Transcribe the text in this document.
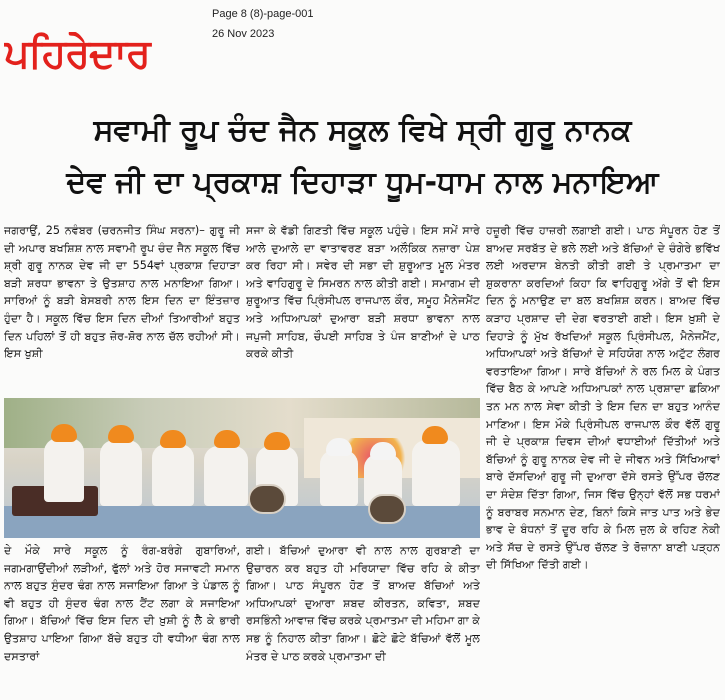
ਪਹਿਰੇਦਾਰ
Page 8 (8)-page-001
26 Nov 2023
ਸਵਾਮੀ ਰੂਪ ਚੰਦ ਜੈਨ ਸਕੂਲ ਵਿਖੇ ਸ੍ਰੀ ਗੁਰੂ ਨਾਨਕ
ਦੇਵ ਜੀ ਦਾ ਪ੍ਰਕਾਸ਼ ਦਿਹਾੜਾ ਧੂਮ-ਧਾਮ ਨਾਲ ਮਨਾਇਆ
ਜਗਰਾਉਂ, 25 ਨਵੰਬਰ (ਚਰਨਜੀਤ ਸਿੰਘ ਸਰਨਾ)– ਗੁਰੂ ਜੀ ਦੀ ਅਪਾਰ ਬਖਸ਼ਿਸ਼ ਨਾਲ ਸਵਾਮੀ ਰੂਪ ਚੰਦ ਜੈਨ ਸਕੂਲ ਵਿੱਚ ਸ਼੍ਰੀ ਗੁਰੂ ਨਾਨਕ ਦੇਵ ਜੀ ਦਾ 554ਵਾਂ ਪ੍ਰਕਾਸ਼ ਦਿਹਾੜਾ ਬੜੀ ਸ਼ਰਧਾ ਭਾਵਨਾ ਤੇ ਉਤਸ਼ਾਹ ਨਾਲ ਮਨਾਇਆ ਗਿਆ। ਸਾਰਿਆਂ ਨੂੰ ਬੜੀ ਬੇਸਬਰੀ ਨਾਲ ਇਸ ਦਿਨ ਦਾ ਇੰਤਜ਼ਾਰ ਹੁੰਦਾ ਹੈ। ਸਕੂਲ ਵਿੱਚ ਇਸ ਦਿਨ ਦੀਆਂ ਤਿਆਰੀਆਂ ਬਹੁਤ ਦਿਨ ਪਹਿਲਾਂ ਤੋਂ ਹੀ ਬਹੁਤ ਜ਼ੋਰ-ਸ਼ੋਰ ਨਾਲ ਚੱਲ ਰਹੀਆਂ ਸੀ। ਇਸ ਖੁਸ਼ੀ
ਸਜਾ ਕੇ ਵੱਡੀ ਗਿਣਤੀ ਵਿੱਚ ਸਕੂਲ ਪਹੁੰਚੇ। ਇਸ ਸਮੇਂ ਸਾਰੇ ਆਲੇ ਦੁਆਲੇ ਦਾ ਵਾਤਾਵਰਣ ਬੜਾ ਅਲੌਕਿਕ ਨਜ਼ਾਰਾ ਪੇਸ਼ ਕਰ ਰਿਹਾ ਸੀ। ਸਵੇਰ ਦੀ ਸਭਾ ਦੀ ਸ਼ੁਰੂਆਤ ਮੂਲ ਮੰਤਰ ਅਤੇ ਵਾਹਿਗੁਰੂ ਦੇ ਸਿਮਰਨ ਨਾਲ ਕੀਤੀ ਗਈ। ਸਮਾਗਮ ਦੀ ਸ਼ੁਰੂਆਤ ਵਿੱਚ ਪ੍ਰਿੰਸੀਪਲ ਰਾਜਪਾਲ ਕੌਰ, ਸਮੂਹ ਮੈਨੇਜਮੈਂਟ ਅਤੇ ਅਧਿਆਪਕਾਂ ਦੁਆਰਾ ਬੜੀ ਸ਼ਰਧਾ ਭਾਵਨਾ ਨਾਲ ਜਪੁਜੀ ਸਾਹਿਬ, ਚੌਪਈ ਸਾਹਿਬ ਤੇ ਪੰਜ ਬਾਣੀਆਂ ਦੇ ਪਾਠ ਕਰਕੇ ਕੀਤੀ
ਹਜ਼ੂਰੀ ਵਿੱਚ ਹਾਜ਼ਰੀ ਲਗਾਈ ਗਈ। ਪਾਠ ਸੰਪੂਰਨ ਹੋਣ ਤੋਂ ਬਾਅਦ ਸਰਬੱਤ ਦੇ ਭਲੇ ਲਈ ਅਤੇ ਬੱਚਿਆਂ ਦੇ ਚੰਗੇਰੇ ਭਵਿੱਖ ਲਈ ਅਰਦਾਸ ਬੇਨਤੀ ਕੀਤੀ ਗਈ ਤੇ ਪ੍ਰਮਾਤਮਾ ਦਾ ਸ਼ੁਕਰਾਨਾ ਕਰਦਿਆਂ ਕਿਹਾ ਕਿ ਵਾਹਿਗੁਰੂ ਅੱਗੇ ਤੋਂ ਵੀ ਇਸ ਦਿਨ ਨੂੰ ਮਨਾਉਣ ਦਾ ਬਲ ਬਖਸ਼ਿਸ਼ ਕਰਨ। ਬਾਅਦ ਵਿੱਚ ਕੜਾਹ ਪ੍ਰਸ਼ਾਦ ਦੀ ਦੇਗ ਵਰਤਾਈ ਗਈ। ਇਸ ਖ਼ੁਸ਼ੀ ਦੇ ਦਿਹਾੜੇ ਨੂੰ ਮੁੱਖ ਰੱਖਦਿਆਂ ਸਕੂਲ ਪ੍ਰਿੰਸੀਪਲ, ਮੈਨੇਜਮੈਂਟ, ਅਧਿਆਪਕਾਂ ਅਤੇ ਬੱਚਿਆਂ ਦੇ ਸਹਿਯੋਗ ਨਾਲ ਅਟੁੱਟ ਲੰਗਰ ਵਰਤਾਇਆ ਗਿਆ। ਸਾਰੇ ਬੱਚਿਆਂ ਨੇ ਰਲ ਮਿਲ ਕੇ ਪੰਗਤ ਵਿੱਚ ਬੈਠ ਕੇ ਆਪਣੇ ਅਧਿਆਪਕਾਂ ਨਾਲ ਪ੍ਰਸ਼ਾਦਾ ਛਕਿਆ ਤਨ ਮਨ ਨਾਲ ਸੇਵਾ ਕੀਤੀ ਤੇ ਇਸ ਦਿਨ ਦਾ ਬਹੁਤ ਆਨੰਦ ਮਾਣਿਆ। ਇਸ ਮੌਕੇ ਪ੍ਰਿੰਸੀਪਲ ਰਾਜਪਾਲ ਕੌਰ ਵੱਲੋਂ ਗੁਰੂ ਜੀ ਦੇ ਪ੍ਰਕਾਸ਼ ਦਿਵਸ ਦੀਆਂ ਵਧਾਈਆਂ ਦਿੱਤੀਆਂ ਅਤੇ ਬੱਚਿਆਂ ਨੂੰ ਗੁਰੂ ਨਾਨਕ ਦੇਵ ਜੀ ਦੇ ਜੀਵਨ ਅਤੇ ਸਿੱਖਿਆਵਾਂ ਬਾਰੇ ਦੱਸਦਿਆਂ ਗੁਰੂ ਜੀ ਦੁਆਰਾ ਦੱਸੇ ਰਸਤੇ ਉੱਪਰ ਚੱਲਣ ਦਾ ਸੰਦੇਸ਼ ਦਿੱਤਾ ਗਿਆ, ਜਿਸ ਵਿੱਚ ਉਨ੍ਹਾਂ ਵੱਲੋਂ ਸਭ ਧਰਮਾਂ ਨੂੰ ਬਰਾਬਰ ਸਨਮਾਨ ਦੇਣ, ਬਿਨਾਂ ਕਿਸੇ ਜਾਤ ਪਾਤ ਅਤੇ ਭੇਦ ਭਾਵ ਦੇ ਬੰਧਨਾਂ ਤੋਂ ਦੂਰ ਰਹਿ ਕੇ ਮਿਲ ਜੁਲ ਕੇ ਰਹਿਣ ਨੇਕੀ ਅਤੇ ਸੱਚ ਦੇ ਰਸਤੇ ਉੱਪਰ ਚੱਲਣ ਤੇ ਰੋਜ਼ਾਨਾ ਬਾਣੀ ਪੜ੍ਹਨ ਦੀ ਸਿੱਖਿਆ ਦਿੱਤੀ ਗਈ।
ਦੇ ਮੌਕੇ ਸਾਰੇ ਸਕੂਲ ਨੂੰ ਰੰਗ-ਬਰੰਗੇ ਗੁਬਾਰਿਆਂ, ਜਗਮਗਾਉਂਦੀਆਂ ਲੜੀਆਂ, ਫੁੱਲਾਂ ਅਤੇ ਹੋਰ ਸਜਾਵਟੀ ਸਮਾਨ ਨਾਲ ਬਹੁਤ ਸੁੰਦਰ ਢੰਗ ਨਾਲ ਸਜਾਇਆ ਗਿਆ ਤੇ ਪੰਡਾਲ ਨੂੰ ਵੀ ਬਹੁਤ ਹੀ ਸੁੰਦਰ ਢੰਗ ਨਾਲ ਟੈਂਟ ਲਗਾ ਕੇ ਸਜਾਇਆ ਗਿਆ। ਬੱਚਿਆਂ ਵਿੱਚ ਇਸ ਦਿਨ ਦੀ ਖ਼ੁਸ਼ੀ ਨੂੰ ਲੈ ਕੇ ਭਾਰੀ ਉਤਸ਼ਾਹ ਪਾਇਆ ਗਿਆ ਬੱਚੇ ਬਹੁਤ ਹੀ ਵਧੀਆ ਢੰਗ ਨਾਲ ਦਸਤਾਰਾਂ
ਗਈ। ਬੱਚਿਆਂ ਦੁਆਰਾ ਵੀ ਨਾਲ ਨਾਲ ਗੁਰਬਾਣੀ ਦਾ ਉਚਾਰਨ ਕਰ ਬਹੁਤ ਹੀ ਮਰਿਯਾਦਾ ਵਿੱਚ ਰਹਿ ਕੇ ਕੀਤਾ ਗਿਆ। ਪਾਠ ਸੰਪੂਰਨ ਹੋਣ ਤੋਂ ਬਾਅਦ ਬੱਚਿਆਂ ਅਤੇ ਅਧਿਆਪਕਾਂ ਦੁਆਰਾ ਸ਼ਬਦ ਕੀਰਤਨ, ਕਵਿਤਾ, ਸ਼ਬਦ ਰਸਭਿੰਨੀ ਆਵਾਜ਼ ਵਿੱਚ ਕਰਕੇ ਪ੍ਰਮਾਤਮਾ ਦੀ ਮਹਿਮਾ ਗਾ ਕੇ ਸਭ ਨੂੰ ਨਿਹਾਲ ਕੀਤਾ ਗਿਆ। ਛੋਟੇ ਛੋਟੇ ਬੱਚਿਆਂ ਵੱਲੋਂ ਮੂਲ ਮੰਤਰ ਦੇ ਪਾਠ ਕਰਕੇ ਪ੍ਰਮਾਤਮਾ ਦੀ
